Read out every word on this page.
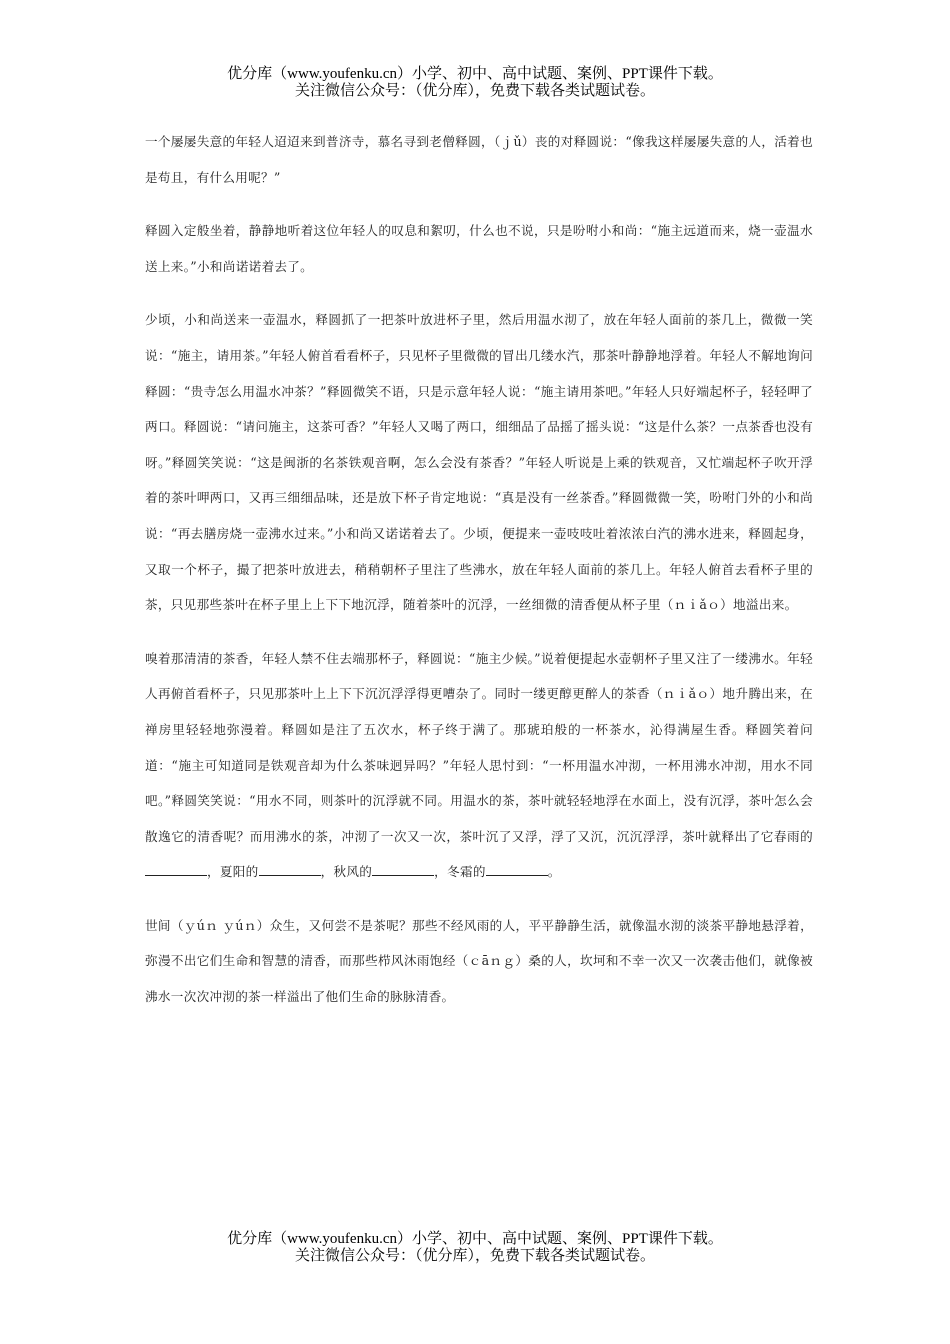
优分库（www.youfenku.cn）小学、初中、高中试题、案例、PPT课件下载。
关注微信公众号：（优分库），免费下载各类试题试卷。

一个屡屡失意的年轻人迢迢来到普济寺，慕名寻到老僧释圆，（ｊǔ）丧的对释圆说：“像我这样屡屡失意的人，活着也是苟且，有什么用呢？”

释圆入定般坐着，静静地听着这位年轻人的叹息和絮叨，什么也不说，只是吩咐小和尚：“施主远道而来，烧一壶温水送上来。”小和尚诺诺着去了。

少顷，小和尚送来一壶温水，释圆抓了一把茶叶放进杯子里，然后用温水沏了，放在年轻人面前的茶几上，微微一笑说：“施主，请用茶。”年轻人俯首看看杯子，只见杯子里微微的冒出几缕水汽，那茶叶静静地浮着。年轻人不解地询问释圆：“贵寺怎么用温水冲茶？”释圆微笑不语，只是示意年轻人说：“施主请用茶吧。”年轻人只好端起杯子，轻轻呷了两口。释圆说：“请问施主，这茶可香？”年轻人又喝了两口，细细品了品摇了摇头说：“这是什么茶？一点茶香也没有呀。”释圆笑笑说：“这是闽浙的名茶铁观音啊，怎么会没有茶香？”年轻人听说是上乘的铁观音，又忙端起杯子吹开浮着的茶叶呷两口，又再三细细品味，还是放下杯子肯定地说：“真是没有一丝茶香。”释圆微微一笑，吩咐门外的小和尚说：“再去膳房烧一壶沸水过来。”小和尚又诺诺着去了。少顷，便提来一壶吱吱吐着浓浓白汽的沸水进来，释圆起身，又取一个杯子，撮了把茶叶放进去，稍稍朝杯子里注了些沸水，放在年轻人面前的茶几上。年轻人俯首去看杯子里的茶，只见那些茶叶在杯子里上上下下地沉浮，随着茶叶的沉浮，一丝细微的清香便从杯子里（ｎｉǎｏ）地溢出来。

嗅着那清清的茶香，年轻人禁不住去端那杯子，释圆说：“施主少候。”说着便提起水壶朝杯子里又注了一缕沸水。年轻人再俯首看杯子，只见那茶叶上上下下沉沉浮浮得更嘈杂了。同时一缕更醇更醉人的茶香（ｎｉǎｏ）地升腾出来，在禅房里轻轻地弥漫着。释圆如是注了五次水，杯子终于满了。那琥珀般的一杯茶水，沁得满屋生香。释圆笑着问道：“施主可知道同是铁观音却为什么茶味迥异吗？”年轻人思忖到：“一杯用温水冲沏，一杯用沸水冲沏，用水不同吧。”释圆笑笑说：“用水不同，则茶叶的沉浮就不同。用温水的茶，茶叶就轻轻地浮在水面上，没有沉浮，茶叶怎么会散逸它的清香呢？而用沸水的茶，冲沏了一次又一次，茶叶沉了又浮，浮了又沉，沉沉浮浮，茶叶就释出了它春雨的，夏阳的	，秋风的	，冬霜的	。

世间（ｙúｎ ｙúｎ）众生，又何尝不是茶呢？那些不经风雨的人，平平静静生活，就像温水沏的淡茶平静地悬浮着，弥漫不出它们生命和智慧的清香，而那些栉风沐雨饱经（ｃāｎｇ）桑的人，坎坷和不幸一次又一次袭击他们，就像被沸水一次次冲沏的茶一样溢出了他们生命的脉脉清香。

优分库（www.youfenku.cn）小学、初中、高中试题、案例、PPT课件下载。
关注微信公众号：（优分库），免费下载各类试题试卷。
